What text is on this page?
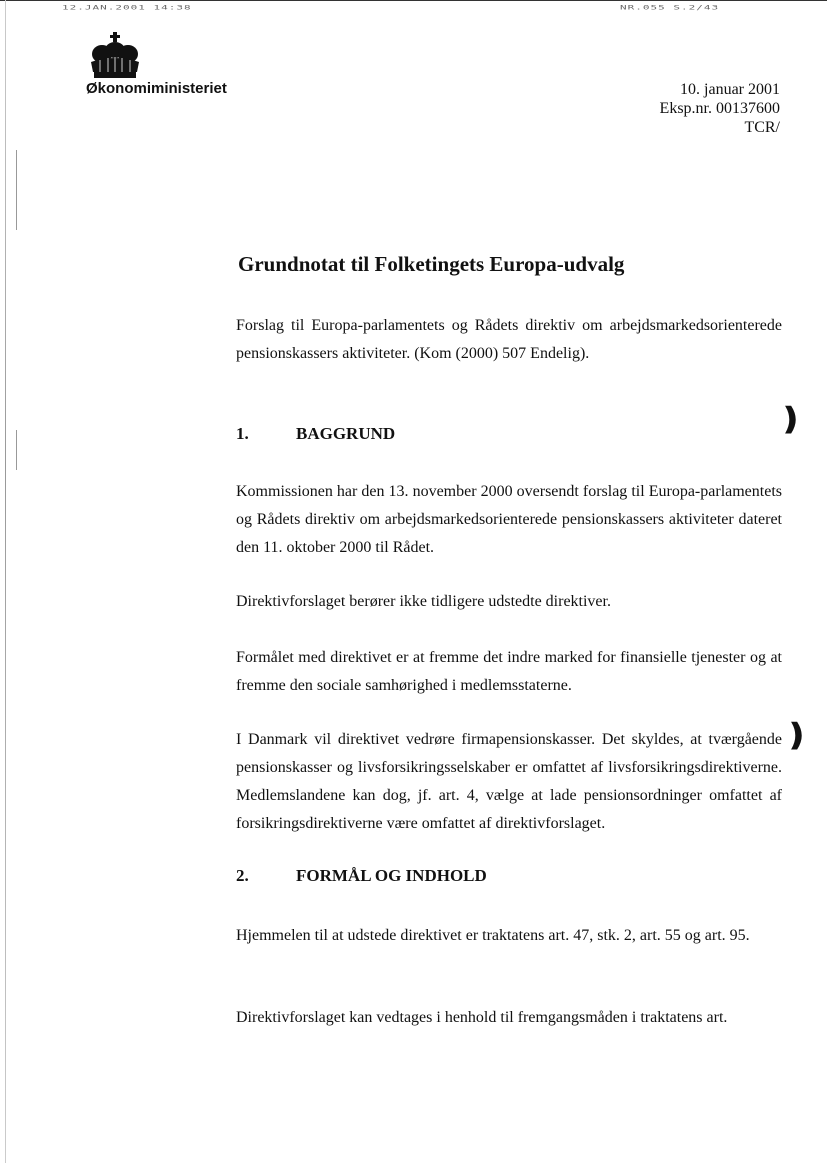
12.JAN.2001 14:38	NR.055 S.2/43
Økonomiministeriet	10. januar 2001
Eksp.nr. 00137600
TCR/
Grundnotat til Folketingets Europa-udvalg

Forslag til Europa-parlamentets og Rådets direktiv om arbejdsmarkedsorienterede pensionskassers aktiviteter. (Kom (2000) 507 Endelig).

1.	BAGGRUND	❫

Kommissionen har den 13. november 2000 oversendt forslag til Europa-parlamentets og Rådets direktiv om arbejdsmarkedsorienterede pensionskassers aktiviteter dateret den 11. oktober 2000 til Rådet.

Direktivforslaget berører ikke tidligere udstedte direktiver.

Formålet med direktivet er at fremme det indre marked for finansielle tjenester og at fremme den sociale samhørighed i medlemsstaterne.

I Danmark vil direktivet vedrøre firmapensionskasser. Det skyldes, at tværgående pensionskasser og livsforsikringsselskaber er omfattet af livsforsikringsdirektiverne. Medlemslandene kan dog, jf. art. 4, vælge at lade pensionsordninger omfattet af forsikringsdirektiverne være omfattet af direktivforslaget.

❫
2.	FORMÅL OG INDHOLD

Hjemmelen til at udstede direktivet er traktatens art. 47, stk. 2, art. 55 og art. 95.

Direktivforslaget kan vedtages i henhold til fremgangsmåden i traktatens art.
